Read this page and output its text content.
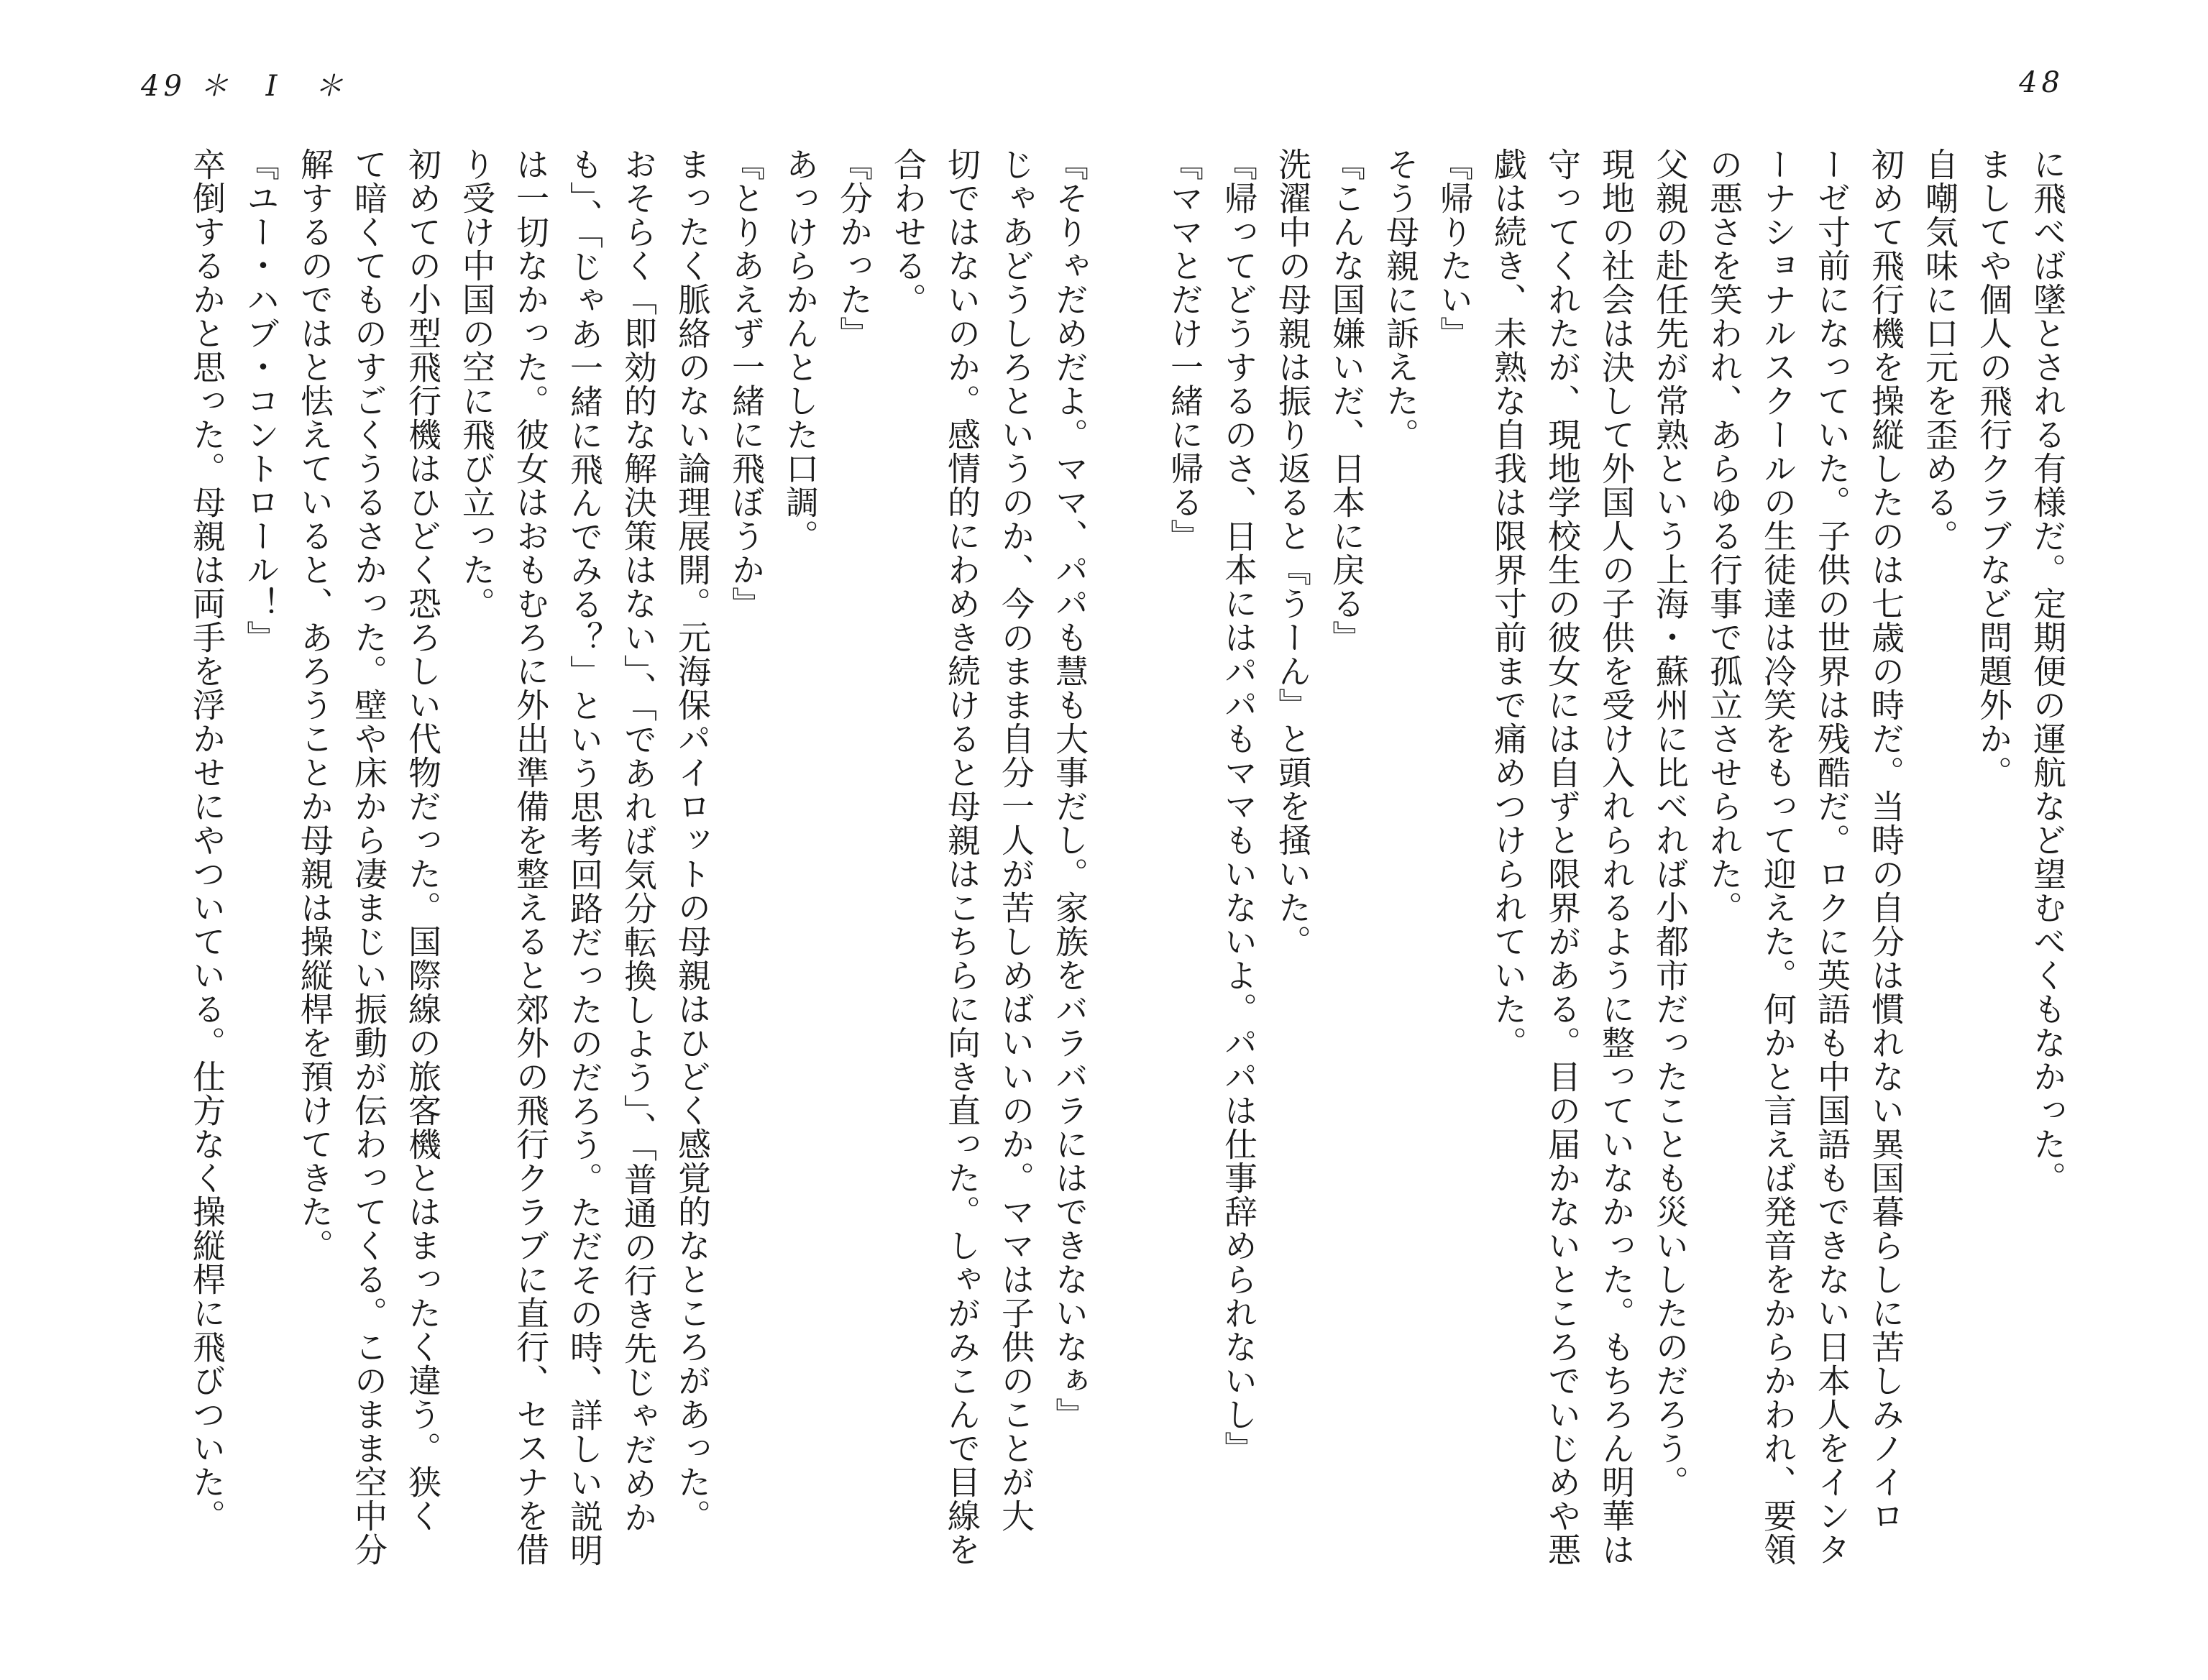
49 ＊　Ⅰ　＊	48
に飛べば墜とされる有様だ。定期便の運航など望むべくもなかった。
ましてや個人の飛行クラブなど問題外か。
自嘲気味に口元を歪める。
初めて飛行機を操縦したのは七歳の時だ。当時の自分は慣れない異国暮らしに苦しみノイロ
ーゼ寸前になっていた。子供の世界は残酷だ。ロクに英語も中国語もできない日本人をインタ
ーナショナルスクールの生徒達は冷笑をもって迎えた。何かと言えば発音をからかわれ、要領
の悪さを笑われ、あらゆる行事で孤立させられた。
父親の赴任先が常熟という上海・蘇州に比べれば小都市だったことも災いしたのだろう。
現地の社会は決して外国人の子供を受け入れられるように整っていなかった。もちろん明華は
守ってくれたが、現地学校生の彼女には自ずと限界がある。目の届かないところでいじめや悪
戯は続き、未熟な自我は限界寸前まで痛めつけられていた。
『帰りたい』
そう母親に訴えた。
『こんな国嫌いだ、日本に戻る』
洗濯中の母親は振り返ると『うーん』と頭を掻いた。
『帰ってどうするのさ、日本にはパパもママもいないよ。パパは仕事辞められないし』
『ママとだけ一緒に帰る』
『そりゃだめだよ。ママ、パパも慧も大事だし。家族をバラバラにはできないなぁ』
じゃあどうしろというのか、今のまま自分一人が苦しめばいいのか。ママは子供のことが大
切ではないのか。感情的にわめき続けると母親はこちらに向き直った。しゃがみこんで目線を
合わせる。
『分かった』
あっけらかんとした口調。
『とりあえず一緒に飛ぼうか』
まったく脈絡のない論理展開。元海保パイロットの母親はひどく感覚的なところがあった。
おそらく「即効的な解決策はない」、「であれば気分転換しよう」、「普通の行き先じゃだめか
も」、「じゃあ一緒に飛んでみる？」という思考回路だったのだろう。ただその時、詳しい説明
は一切なかった。彼女はおもむろに外出準備を整えると郊外の飛行クラブに直行、セスナを借
り受け中国の空に飛び立った。
初めての小型飛行機はひどく恐ろしい代物だった。国際線の旅客機とはまったく違う。狭く
て暗くてものすごくうるさかった。壁や床から凄まじい振動が伝わってくる。このまま空中分
解するのではと怯えていると、あろうことか母親は操縦桿を預けてきた。
『ユー・ハブ・コントロール！』
卒倒するかと思った。母親は両手を浮かせにやついている。仕方なく操縦桿に飛びついた。
